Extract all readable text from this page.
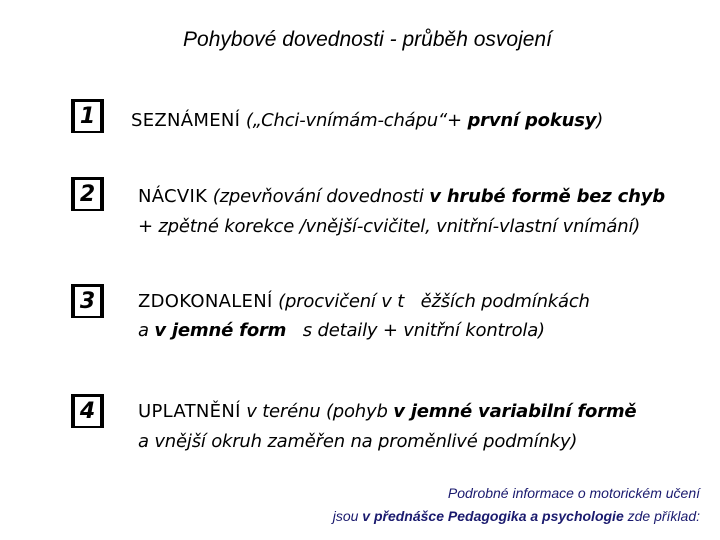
Pohybové dovednosti - průběh osvojení
1 SEZNÁMENÍ („Chci-vnímám-chápu“+ první pokusy)
2 NÁCVIK (zpevňování dovednosti v hrubé formě bez chyb
+ zpětné korekce /vnější-cvičitel, vnitřní-vlastní vnímání)
3 ZDOKONALENÍ (procvičení v t   ěžších podmínkách
a v jemné form   s detaily + vnitřní kontrola)
4 UPLATNĚNÍ v terénu (pohyb v jemné variabilní formě
a vnější okruh zaměřen na proměnlivé podmínky)
Podrobné informace o motorickém učení
jsou v přednášce Pedagogika a psychologie zde příklad:
